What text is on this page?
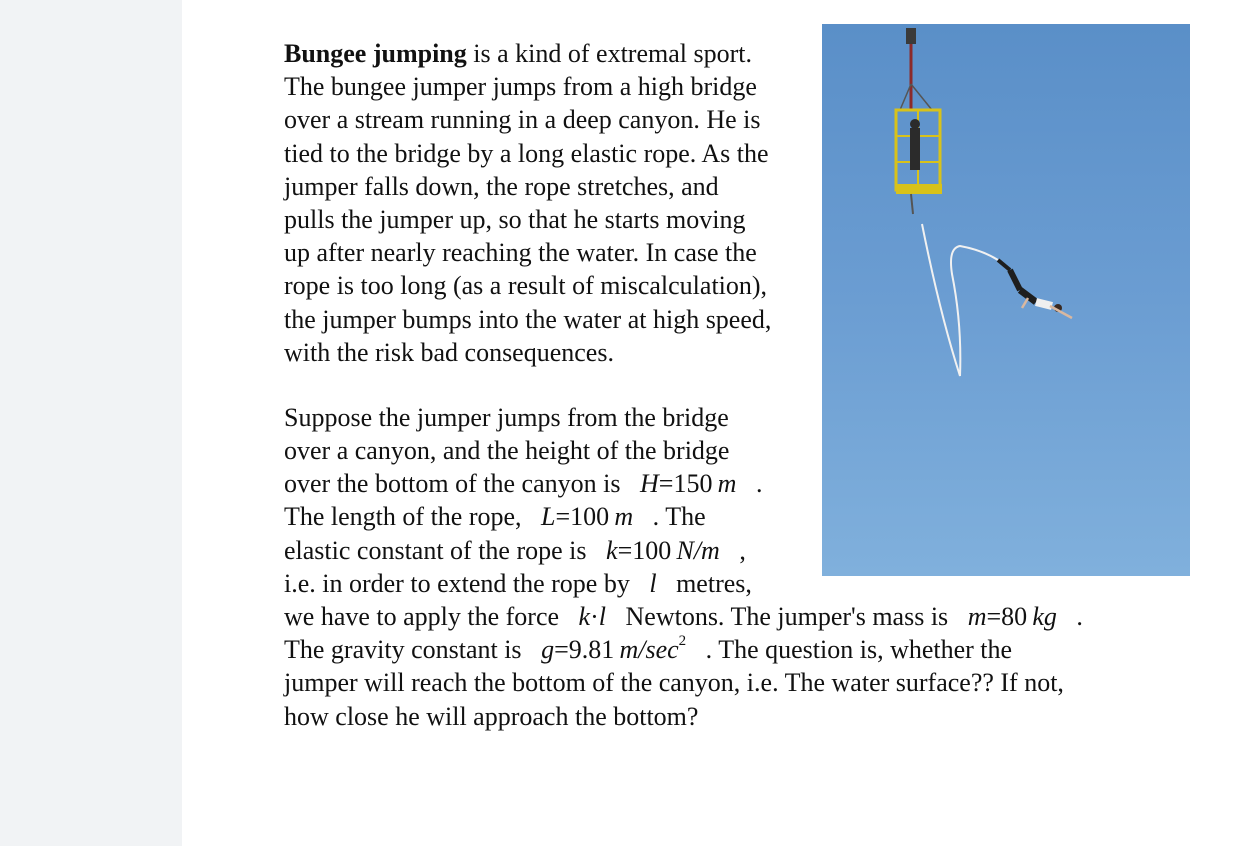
Bungee jumping is a kind of extremal sport.
The bungee jumper jumps from a high bridge
over a stream running in a deep canyon. He is
tied to the bridge by a long elastic rope. As the
jumper falls down, the rope stretches, and
pulls the jumper up, so that he starts moving
up after nearly reaching the water. In case the
rope is too long (as a result of miscalculation),
the jumper bumps into the water at high speed,
with the risk bad consequences.
Suppose the jumper jumps from the bridge
over a canyon, and the height of the bridge
over the bottom of the canyon is H=150  m .
The length of the rope, L=100  m . The
elastic constant of the rope is k=100  N/m ,
i.e. in order to extend the rope by l metres,
we have to apply the force k·l Newtons. The jumper's mass is m=80  kg .
The gravity constant is g=9.81  $m/\sec^2$ . The question is, whether the
jumper will reach the bottom of the canyon, i.e. The water surface?? If not,
how close he will approach the bottom?
